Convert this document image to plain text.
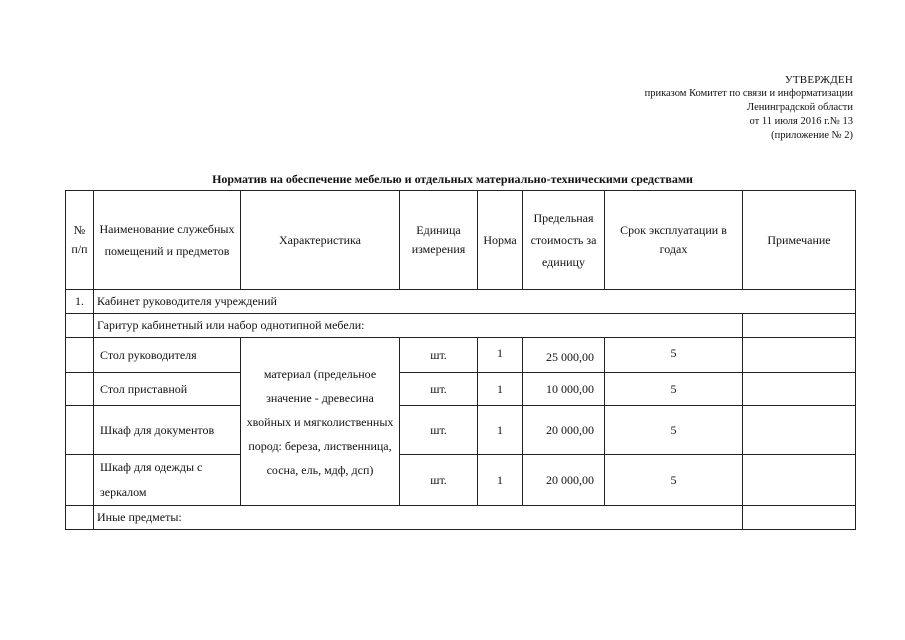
УТВЕРЖДЕН
приказом Комитет по связи и информатизации
Ленинградской области
от 11 июля 2016 г.№ 13
(приложение № 2)
Норматив на обеспечение мебелью и отдельных материально-техническими средствами
№ п/п	Наименование служебных помещений и предметов	Характеристика	Единица измерения	Норма	Предельная стоимость за единицу	Срок эксплуатации в годах	Примечание
1.	Кабинет руководителя учреждений						
	Гаритур кабинетный или набор однотипной мебели:						
	Стол руководителя	материал (предельное значение - древесина хвойных и мягколиственных пород: береза, лиственница, сосна, ель, мдф, дсп)	шт.	1	25 000,00	5	
	Стол приставной		шт.	1	10 000,00	5	
	Шкаф для документов		шт.	1	20 000,00	5	
	Шкаф для одежды с зеркалом		шт.	1	20 000,00	5	
	Иные предметы:						
